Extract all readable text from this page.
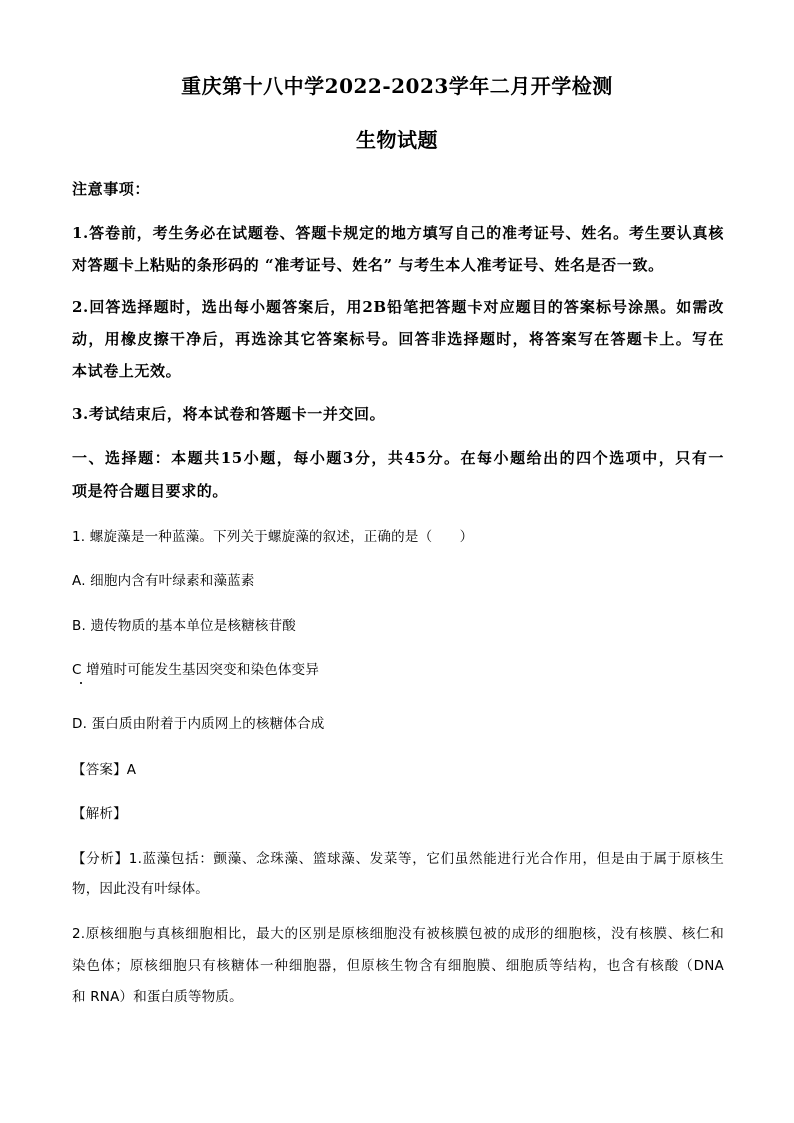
重庆第十八中学2022-2023学年二月开学检测
生物试题
注意事项：
1.答卷前，考生务必在试题卷、答题卡规定的地方填写自己的准考证号、姓名。考生要认真核
对答题卡上粘贴的条形码的 “准考证号、姓名” 与考生本人准考证号、姓名是否一致。
2.回答选择题时，选出每小题答案后，用2B铅笔把答题卡对应题目的答案标号涂黑。如需改
动，用橡皮擦干净后，再选涂其它答案标号。回答非选择题时，将答案写在答题卡上。写在
本试卷上无效。
3.考试结束后，将本试卷和答题卡一并交回。
一、选择题：本题共15小题，每小题3分，共45分。在每小题给出的四个选项中，只有一
项是符合题目要求的。
1. 螺旋藻是一种蓝藻。下列关于螺旋藻的叙述，正确的是（　　）
A. 细胞内含有叶绿素和藻蓝素
B. 遗传物质的基本单位是核糖核苷酸
C 增殖时可能发生基因突变和染色体变异
D. 蛋白质由附着于内质网上的核糖体合成
【答案】A
【解析】
【分析】1.蓝藻包括：颤藻、念珠藻、篮球藻、发菜等，它们虽然能进行光合作用，但是由于属于原核生
物，因此没有叶绿体。
2.原核细胞与真核细胞相比，最大的区别是原核细胞没有被核膜包被的成形的细胞核，没有核膜、核仁和
染色体；原核细胞只有核糖体一种细胞器，但原核生物含有细胞膜、细胞质等结构，也含有核酸（DNA
和 RNA）和蛋白质等物质。
